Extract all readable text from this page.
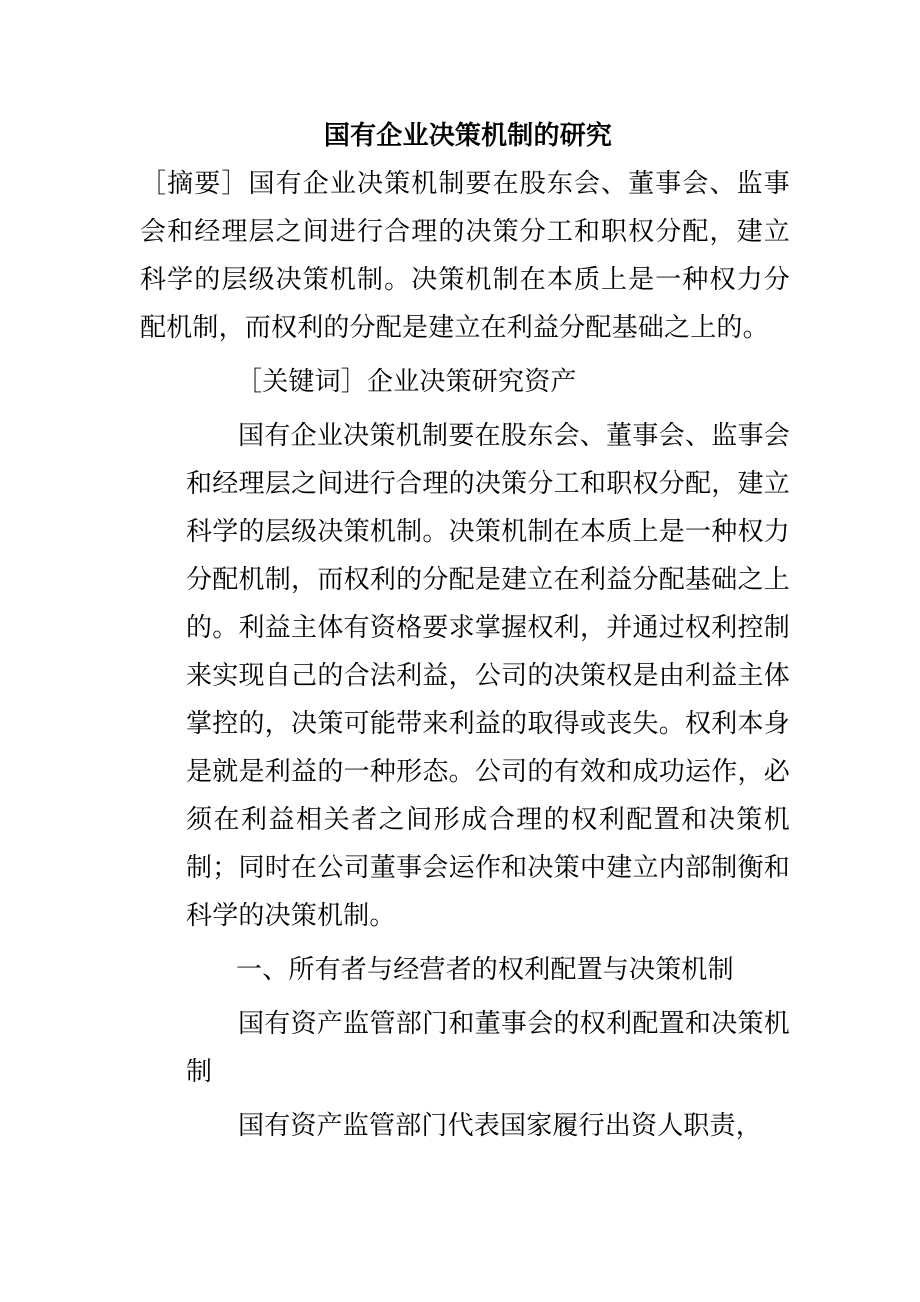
国有企业决策机制的研究

［摘要］国有企业决策机制要在股东会、董事会、监事会和经理层之间进行合理的决策分工和职权分配，建立科学的层级决策机制。决策机制在本质上是一种权力分配机制，而权利的分配是建立在利益分配基础之上的。

［关键词］企业决策研究资产

国有企业决策机制要在股东会、董事会、监事会和经理层之间进行合理的决策分工和职权分配，建立科学的层级决策机制。决策机制在本质上是一种权力分配机制，而权利的分配是建立在利益分配基础之上的。利益主体有资格要求掌握权利，并通过权利控制来实现自己的合法利益，公司的决策权是由利益主体掌控的，决策可能带来利益的取得或丧失。权利本身是就是利益的一种形态。公司的有效和成功运作，必须在利益相关者之间形成合理的权利配置和决策机制；同时在公司董事会运作和决策中建立内部制衡和科学的决策机制。

一、所有者与经营者的权利配置与决策机制

国有资产监管部门和董事会的权利配置和决策机制

国有资产监管部门代表国家履行出资人职责，
